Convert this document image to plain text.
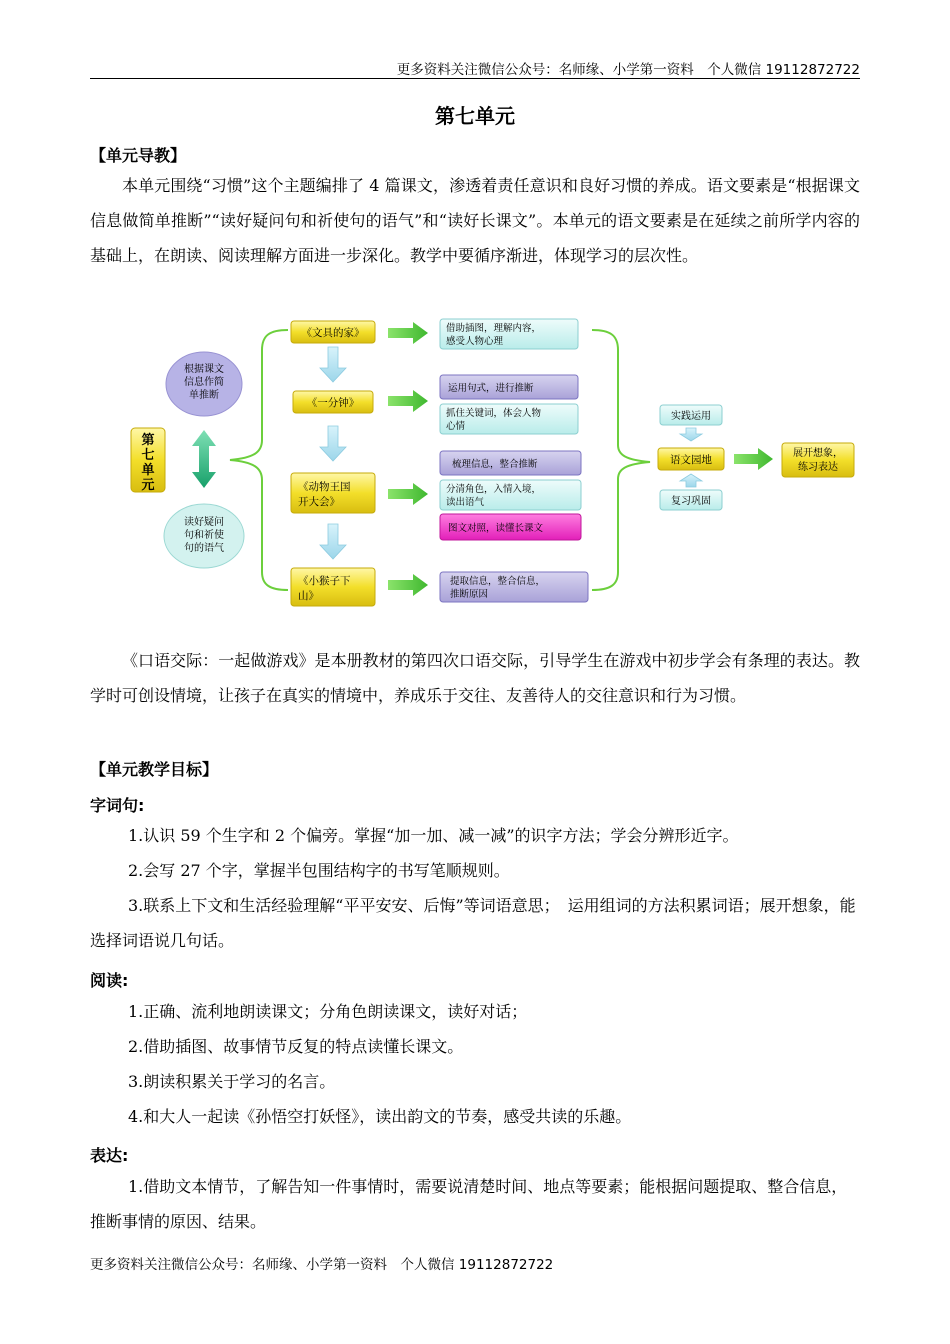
更多资料关注微信公众号：名师缘、小学第一资料　个人微信 19112872722
第七单元
【单元导教】
本单元围绕“习惯”这个主题编排了 4 篇课文，渗透着责任意识和良好习惯的养成。语文要素是“根据课文信息做简单推断”“读好疑问句和祈使句的语气”和“读好长课文”。本单元的语文要素是在延续之前所学内容的基础上，在朗读、阅读理解方面进一步深化。教学中要循序渐进，体现学习的层次性。
第
七
单
元
根据课文
信息作简
单推断
读好疑问
句和祈使
句的语气
《文具的家》
《一分钟》
《动物王国
开大会》
《小猴子下
山》
借助插图，理解内容，
感受人物心理
运用句式，进行推断
抓住关键词，体会人物
心情
梳理信息，整合推断
分清角色，入情入境，
读出语气
图文对照，读懂长课文
提取信息，整合信息，
推断原因
实践运用
语文园地
复习巩固
展开想象，
练习表达
《口语交际：一起做游戏》是本册教材的第四次口语交际，引导学生在游戏中初步学会有条理的表达。教学时可创设情境，让孩子在真实的情境中，养成乐于交往、友善待人的交往意识和行为习惯。
【单元教学目标】
字词句:
1.认识 59 个生字和 2 个偏旁。掌握“加一加、减一减”的识字方法；学会分辨形近字。
2.会写 27 个字，掌握半包围结构字的书写笔顺规则。
3.联系上下文和生活经验理解“平平安安、后悔”等词语意思；　运用组词的方法积累词语；展开想象，能选择词语说几句话。
阅读:
1.正确、流利地朗读课文；分角色朗读课文，读好对话；
2.借助插图、故事情节反复的特点读懂长课文。
3.朗读积累关于学习的名言。
4.和大人一起读《孙悟空打妖怪》，读出韵文的节奏，感受共读的乐趣。
表达:
1.借助文本情节，了解告知一件事情时，需要说清楚时间、地点等要素；能根据问题提取、整合信息，推断事情的原因、结果。
更多资料关注微信公众号：名师缘、小学第一资料　个人微信 19112872722
